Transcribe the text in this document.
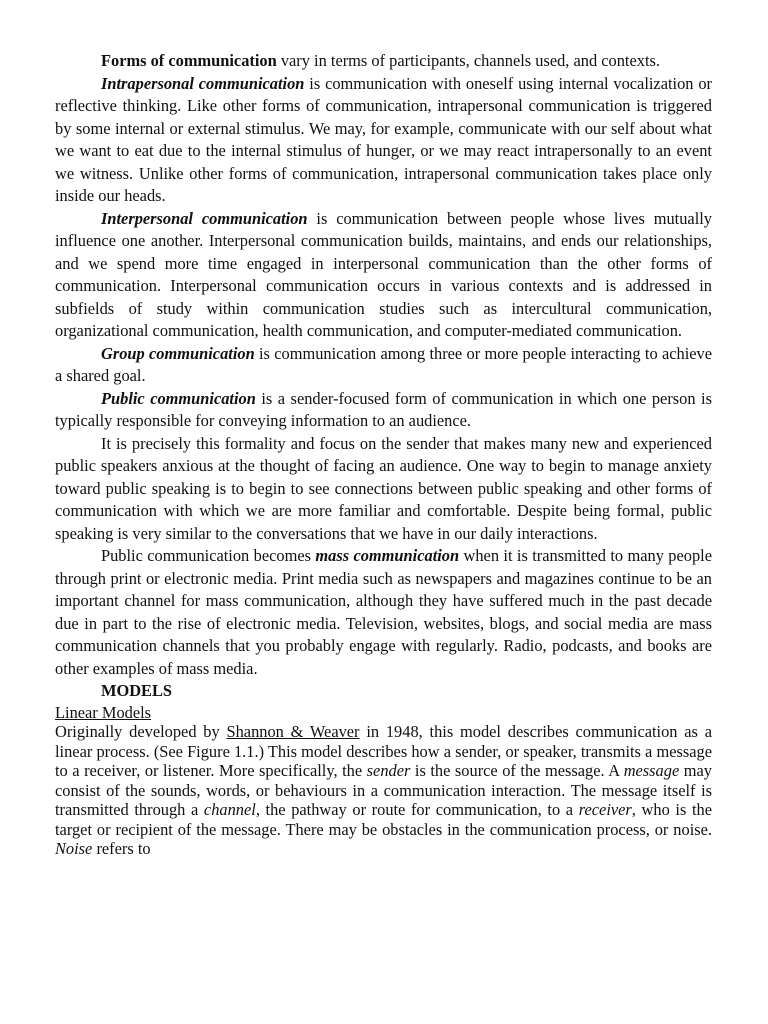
Forms of communication vary in terms of participants, channels used, and contexts.

Intrapersonal communication is communication with oneself using internal vocalization or reflective thinking. Like other forms of communication, intrapersonal communication is triggered by some internal or external stimulus. We may, for example, communicate with our self about what we want to eat due to the internal stimulus of hunger, or we may react intrapersonally to an event we witness. Unlike other forms of communication, intrapersonal communication takes place only inside our heads.

Interpersonal communication is communication between people whose lives mutually influence one another. Interpersonal communication builds, maintains, and ends our relationships, and we spend more time engaged in interpersonal communication than the other forms of communication. Interpersonal communication occurs in various contexts and is addressed in subfields of study within communication studies such as intercultural communication, organizational communication, health communication, and computer-mediated communication.

Group communication is communication among three or more people interacting to achieve a shared goal.

Public communication is a sender-focused form of communication in which one person is typically responsible for conveying information to an audience.

It is precisely this formality and focus on the sender that makes many new and experienced public speakers anxious at the thought of facing an audience. One way to begin to manage anxiety toward public speaking is to begin to see connections between public speaking and other forms of communication with which we are more familiar and comfortable. Despite being formal, public speaking is very similar to the conversations that we have in our daily interactions.

Public communication becomes mass communication when it is transmitted to many people through print or electronic media. Print media such as newspapers and magazines continue to be an important channel for mass communication, although they have suffered much in the past decade due in part to the rise of electronic media. Television, websites, blogs, and social media are mass communication channels that you probably engage with regularly. Radio, podcasts, and books are other examples of mass media.

MODELS

Linear Models

Originally developed by Shannon & Weaver in 1948, this model describes communication as a linear process. (See Figure 1.1.) This model describes how a sender, or speaker, transmits a message to a receiver, or listener. More specifically, the sender is the source of the message. A message may consist of the sounds, words, or behaviours in a communication interaction. The message itself is transmitted through a channel, the pathway or route for communication, to a receiver, who is the target or recipient of the message. There may be obstacles in the communication process, or noise. Noise refers to
